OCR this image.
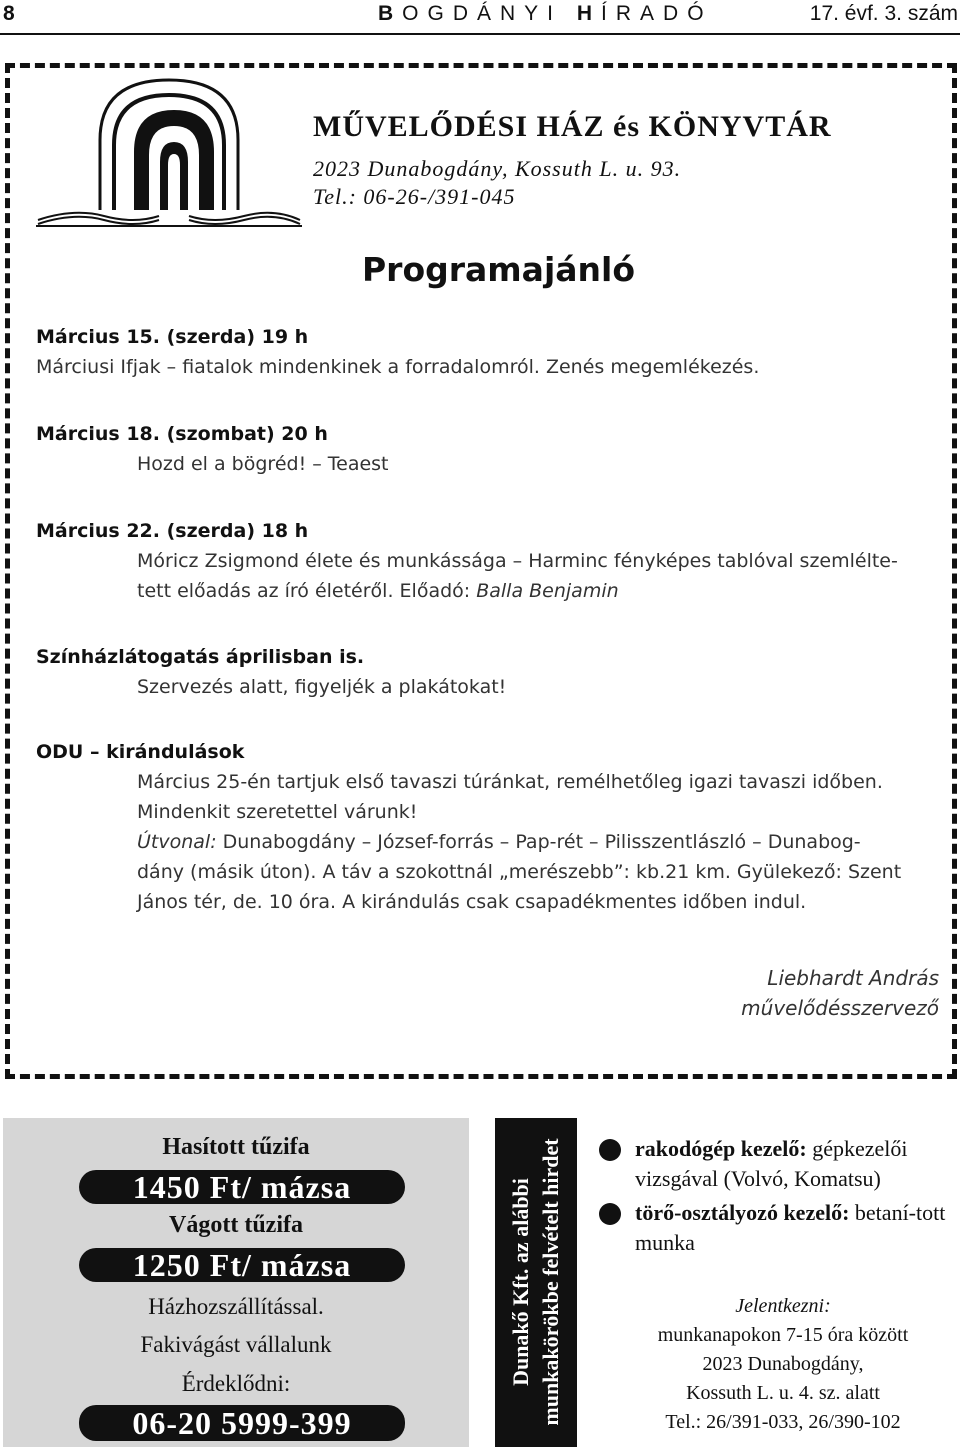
8	BOGDÁNYI HÍRADÓ	17. évf. 3. szám
MŰVELŐDÉSI HÁZ és KÖNYVTÁR
2023 Dunabogdány, Kossuth L. u. 93.
Tel.: 06-26-/391-045
Programajánló
Március 15. (szerda) 19 h
Márciusi Ifjak – fiatalok mindenkinek a forradalomról. Zenés megemlékezés.
Március 18. (szombat) 20 h
Hozd el a bögréd! – Teaest
Március 22. (szerda) 18 h
Móricz Zsigmond élete és munkássága – Harminc fényképes tablóval szemlélte-
tett előadás az író életéről. Előadó: Balla Benjamin
Színházlátogatás áprilisban is.
Szervezés alatt, figyeljék a plakátokat!
ODU – kirándulások
Március 25-én tartjuk első tavaszi túránkat, remélhetőleg igazi tavaszi időben.
Mindenkit szeretettel várunk!
Útvonal: Dunabogdány – József-forrás – Pap-rét – Pilisszentlászló – Dunabog-
dány (másik úton). A táv a szokottnál „merészebb”: kb.21 km. Gyülekező: Szent
János tér, de. 10 óra. A kirándulás csak csapadékmentes időben indul.
Liebhardt András
művelődésszervező
Hasított tűzifa
1450 Ft/ mázsa
Vágott tűzifa
1250 Ft/ mázsa
Házhozszállítással.
Fakivágást vállalunk
Érdeklődni:
06-20 5999-399
Dunakő Kft. az alábbi munkakörökbe felvételt hirdet	rakodógép kezelő: gépkezelői vizsgával (Volvó, Komatsu)
törő-osztályozó kezelő: betaní-tott munka
Jelentkezni:
munkanapokon 7-15 óra között
2023 Dunabogdány,
Kossuth L. u. 4. sz. alatt
Tel.: 26/391-033, 26/390-102
